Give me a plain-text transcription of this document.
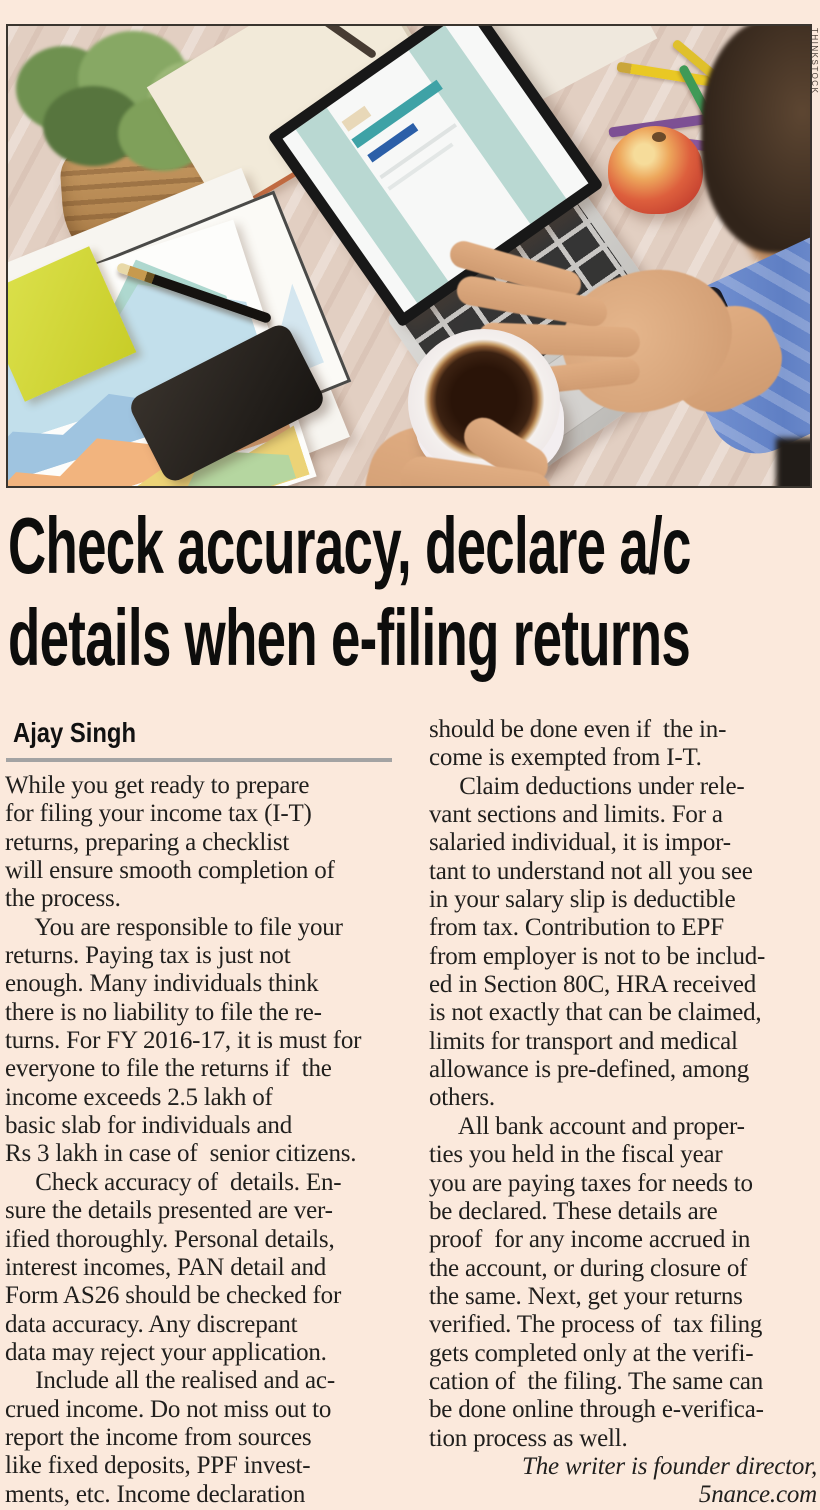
THINKSTOCK
Check accuracy, declare a/c
details when e-filing returns
Ajay Singh
While you get ready to prepare
for filing your income tax (I-T)
returns, preparing a checklist
will ensure smooth completion of
the process.
You are responsible to file your
returns. Paying tax is just not
enough. Many individuals think
there is no liability to file the re-
turns. For FY 2016-17, it is must for
everyone to file the returns if  the
income exceeds 2.5 lakh of
basic slab for individuals and
Rs 3 lakh in case of  senior citizens.
Check accuracy of  details. En-
sure the details presented are ver-
ified thoroughly. Personal details,
interest incomes, PAN detail and
Form AS26 should be checked for
data accuracy. Any discrepant
data may reject your application.
Include all the realised and ac-
crued income. Do not miss out to
report the income from sources
like fixed deposits, PPF invest-
ments, etc. Income declaration
should be done even if  the in-
come is exempted from I-T.
Claim deductions under rele-
vant sections and limits. For a
salaried individual, it is impor-
tant to understand not all you see
in your salary slip is deductible
from tax. Contribution to EPF
from employer is not to be includ-
ed in Section 80C, HRA received
is not exactly that can be claimed,
limits for transport and medical
allowance is pre-defined, among
others.
All bank account and proper-
ties you held in the fiscal year
you are paying taxes for needs to
be declared. These details are
proof  for any income accrued in
the account, or during closure of
the same. Next, get your returns
verified. The process of  tax filing
gets completed only at the verifi-
cation of  the filing. The same can
be done online through e-verifica-
tion process as well.
The writer is founder director,
5nance.com
